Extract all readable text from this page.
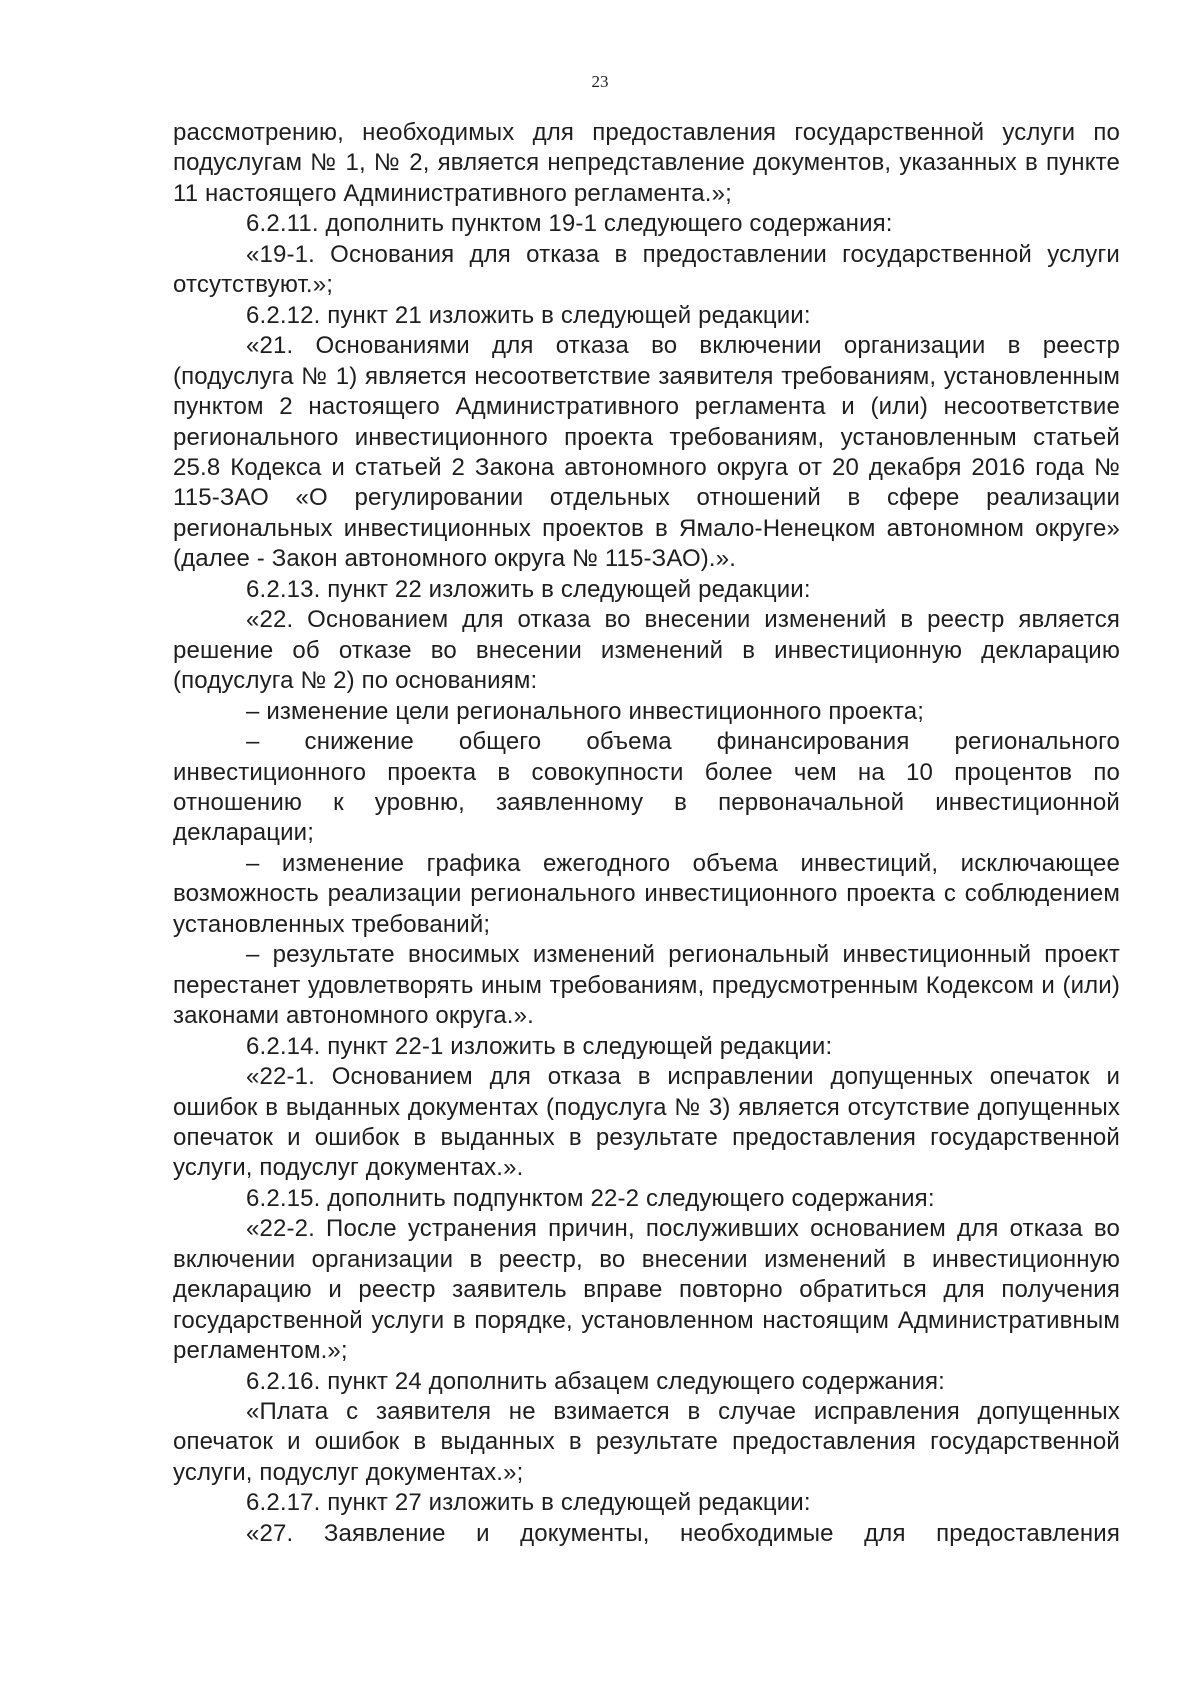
23

рассмотрению, необходимых для предоставления государственной услуги по подуслугам № 1, № 2, является непредставление документов, указанных в пункте 11 настоящего Административного регламента.»;

6.2.11. дополнить пунктом 19-1 следующего содержания:

«19-1. Основания для отказа в предоставлении государственной услуги отсутствуют.»;

6.2.12. пункт 21 изложить в следующей редакции:

«21. Основаниями для отказа во включении организации в реестр (подуслуга № 1) является несоответствие заявителя требованиям, установленным пунктом 2 настоящего Административного регламента и (или) несоответствие регионального инвестиционного проекта требованиям, установленным статьей 25.8 Кодекса и статьей 2 Закона автономного округа от 20 декабря 2016 года № 115-ЗАО «О регулировании отдельных отношений в сфере реализации региональных инвестиционных проектов в Ямало-Ненецком автономном округе» (далее - Закон автономного округа № 115-ЗАО).».

6.2.13. пункт 22 изложить в следующей редакции:

«22. Основанием для отказа во внесении изменений в реестр является решение об отказе во внесении изменений в инвестиционную декларацию (подуслуга № 2) по основаниям:

– изменение цели регионального инвестиционного проекта;

– снижение общего объема финансирования регионального инвестиционного проекта в совокупности более чем на 10 процентов по отношению к уровню, заявленному в первоначальной инвестиционной декларации;

– изменение графика ежегодного объема инвестиций, исключающее возможность реализации регионального инвестиционного проекта с соблюдением установленных требований;

– результате вносимых изменений региональный инвестиционный проект перестанет удовлетворять иным требованиям, предусмотренным Кодексом и (или) законами автономного округа.».

6.2.14. пункт 22-1 изложить в следующей редакции:

«22-1. Основанием для отказа в исправлении допущенных опечаток и ошибок в выданных документах (подуслуга № 3) является отсутствие допущенных опечаток и ошибок в выданных в результате предоставления государственной услуги, подуслуг документах.».

6.2.15. дополнить подпунктом 22-2 следующего содержания:

«22-2. После устранения причин, послуживших основанием для отказа во включении организации в реестр, во внесении изменений в инвестиционную декларацию и реестр заявитель вправе повторно обратиться для получения государственной услуги в порядке, установленном настоящим Административным регламентом.»;

6.2.16. пункт 24 дополнить абзацем следующего содержания:

«Плата с заявителя не взимается в случае исправления допущенных опечаток и ошибок в выданных в результате предоставления государственной услуги, подуслуг документах.»;

6.2.17. пункт 27 изложить в следующей редакции:

«27. Заявление и документы, необходимые для предоставления
